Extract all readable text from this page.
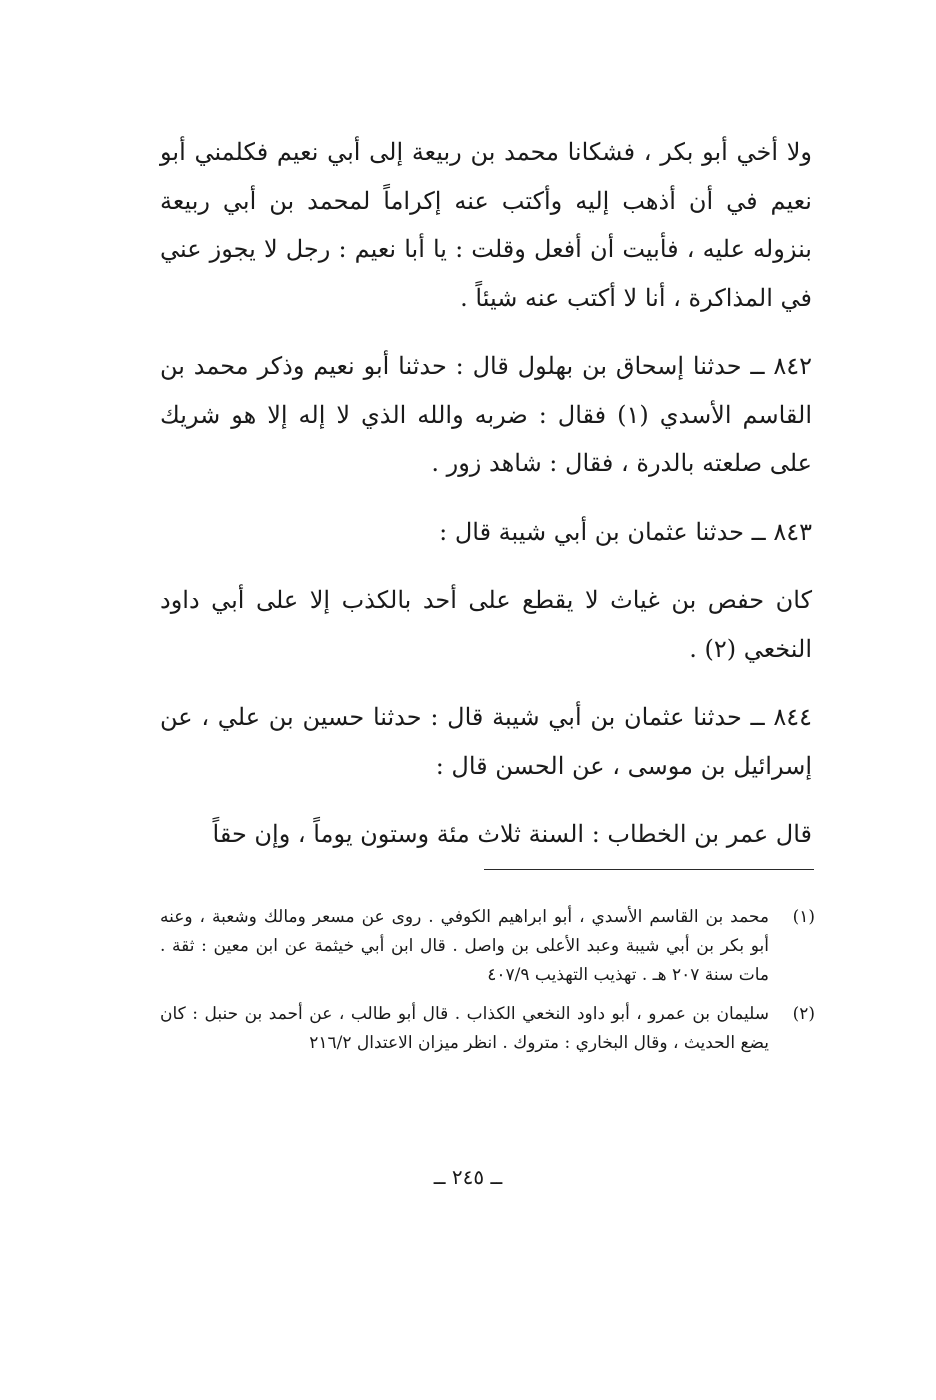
ولا أخي أبو بكر ، فشكانا محمد بن ربيعة إلى أبي نعيم فكلمني أبو نعيم في أن أذهب إليه وأكتب عنه إكراماً لمحمد بن أبي ربيعة بنزوله عليه ، فأبيت أن أفعل وقلت : يا أبا نعيم : رجل لا يجوز عني في المذاكرة ، أنا لا أكتب عنه شيئاً .

٨٤٢ ــ حدثنا إسحاق بن بهلول قال : حدثنا أبو نعيم وذكر محمد بن القاسم الأسدي (١) فقال : ضربه والله الذي لا إله إلا هو شريك على صلعته بالدرة ، فقال : شاهد زور .

٨٤٣ ــ حدثنا عثمان بن أبي شيبة قال :

كان حفص بن غياث لا يقطع على أحد بالكذب إلا على أبي داود النخعي (٢) .

٨٤٤ ــ حدثنا عثمان بن أبي شيبة قال : حدثنا حسين بن علي ، عن إسرائيل بن موسى ، عن الحسن قال :

قال عمر بن الخطاب : السنة ثلاث مئة وستون يوماً ، وإن حقاً

(١)
محمد بن القاسم الأسدي ، أبو ابراهيم الكوفي . روى عن مسعر ومالك وشعبة ، وعنه أبو بكر بن أبي شيبة وعبد الأعلى بن واصل . قال ابن أبي خيثمة عن ابن معين : ثقة . مات سنة ٢٠٧ هـ . تهذيب التهذيب ٤٠٧/٩
(٢)
سليمان بن عمرو ، أبو داود النخعي الكذاب . قال أبو طالب ، عن أحمد بن حنبل : كان يضع الحديث ، وقال البخاري : متروك . انظر ميزان الاعتدال ٢١٦/٢
ــ ٢٤٥ ــ
